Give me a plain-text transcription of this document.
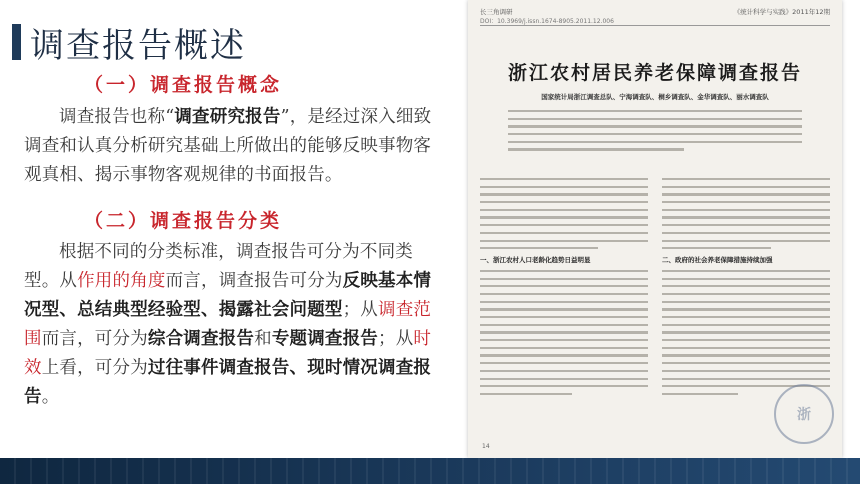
调查报告概述
（一）调查报告概念
调查报告也称“调查研究报告”，是经过深入细致调查和认真分析研究基础上所做出的能够反映事物客观真相、揭示事物客观规律的书面报告。
（二）调查报告分类
根据不同的分类标准，调查报告可分为不同类型。从作用的角度而言，调查报告可分为反映基本情况型、总结典型经验型、揭露社会问题型；从调查范围而言，可分为综合调查报告和专题调查报告；从时效上看，可分为过往事件调查报告、现时情况调查报告。
长三角调研	《统计科学与实践》2011年12期
DOI：10.3969/j.issn.1674-8905.2011.12.006
浙江农村居民养老保障调查报告
国家统计局浙江调查总队、宁海调查队、桐乡调查队、金华调查队、丽水调查队
一、浙江农村人口老龄化趋势日益明显	二、政府的社会养老保障措施持续加强
14
浙
